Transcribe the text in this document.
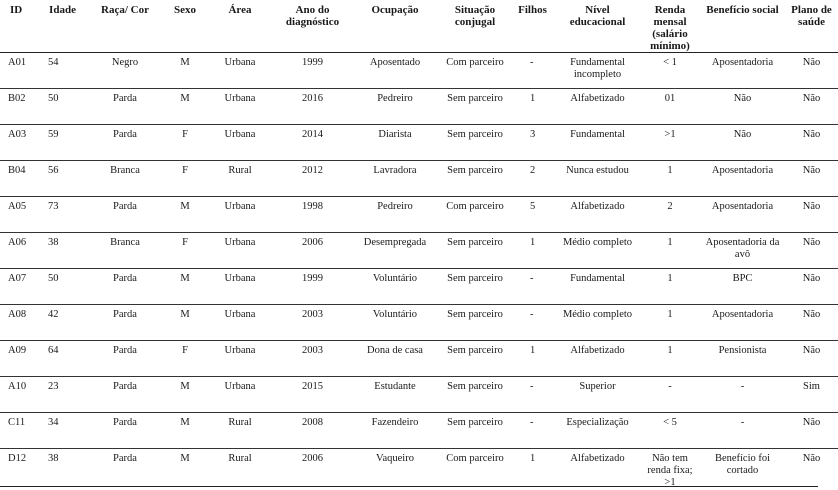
ID	Idade	Raça/ Cor	Sexo	Área	Ano do diagnóstico	Ocupação	Situação conjugal	Filhos	Nível educacional	Renda mensal (salário mínimo)	Benefício social	Plano de saúde
A01	54	Negro	M	Urbana	1999	Aposentado	Com parceiro	-	Fundamental incompleto	< 1	Aposentadoria	Não
B02	50	Parda	M	Urbana	2016	Pedreiro	Sem parceiro	1	Alfabetizado	01	Não	Não
A03	59	Parda	F	Urbana	2014	Diarista	Sem parceiro	3	Fundamental	>1	Não	Não
B04	56	Branca	F	Rural	2012	Lavradora	Sem parceiro	2	Nunca estudou	1	Aposentadoria	Não
A05	73	Parda	M	Urbana	1998	Pedreiro	Com parceiro	5	Alfabetizado	2	Aposentadoria	Não
A06	38	Branca	F	Urbana	2006	Desempregada	Sem parceiro	1	Médio completo	1	Aposentadoria da avô	Não
A07	50	Parda	M	Urbana	1999	Voluntário	Sem parceiro	-	Fundamental	1	BPC	Não
A08	42	Parda	M	Urbana	2003	Voluntário	Sem parceiro	-	Médio completo	1	Aposentadoria	Não
A09	64	Parda	F	Urbana	2003	Dona de casa	Sem parceiro	1	Alfabetizado	1	Pensionista	Não
A10	23	Parda	M	Urbana	2015	Estudante	Sem parceiro	-	Superior	-	-	Sim
C11	34	Parda	M	Rural	2008	Fazendeiro	Sem parceiro	-	Especialização	< 5	-	Não
D12	38	Parda	M	Rural	2006	Vaqueiro	Com parceiro	1	Alfabetizado	Não tem renda fixa; >1	Benefício foi cortado	Não
